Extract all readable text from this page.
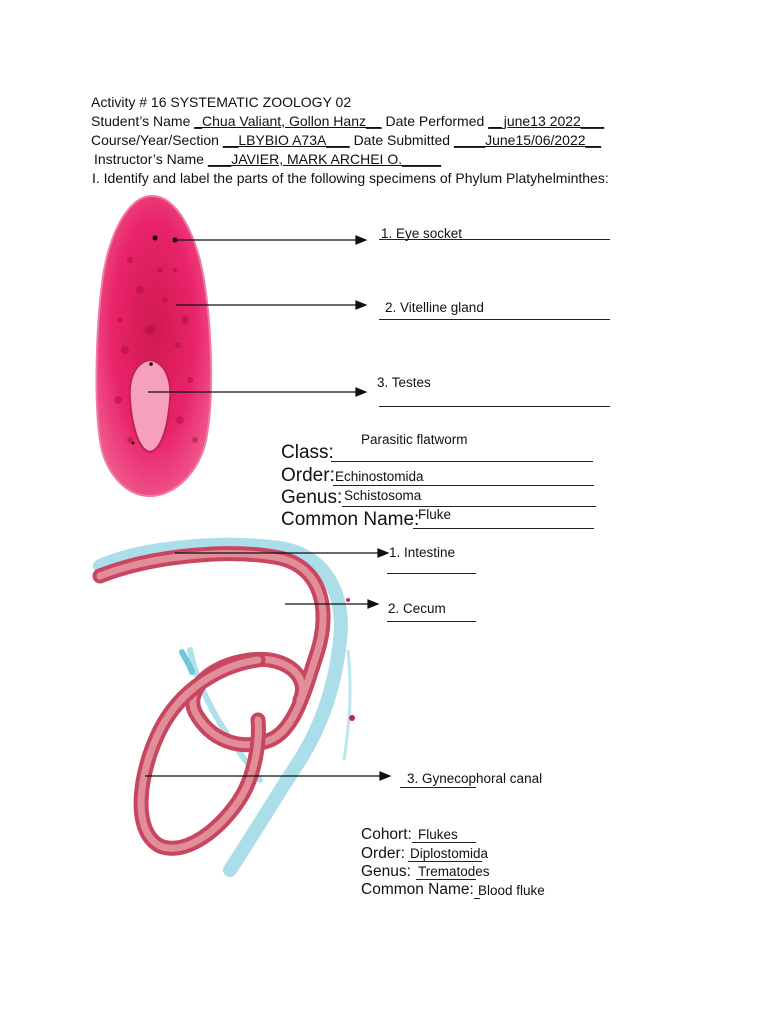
Activity # 16 SYSTEMATIC ZOOLOGY 02
Student’s Name _Chua Valiant, Gollon Hanz__ Date Performed __june13 2022___
Course/Year/Section __LBYBIO A73A___ Date Submitted ____June15/06/2022__
Instructor’s Name ___JAVIER, MARK ARCHEI O._____
I. Identify and label the parts of the following specimens of Phylum Platyhelminthes:
1. Eye socket
2. Vitelline gland
3. Testes
Parasitic flatworm
Class:
Order: Echinostomida
Genus: Schistosoma
Common Name:
Fluke
1. Intestine
2. Cecum
3. Gynecophoral canal
Cohort: Flukes
Order: Diplostomida
Genus: Trematodes
Common Name: Blood fluke
